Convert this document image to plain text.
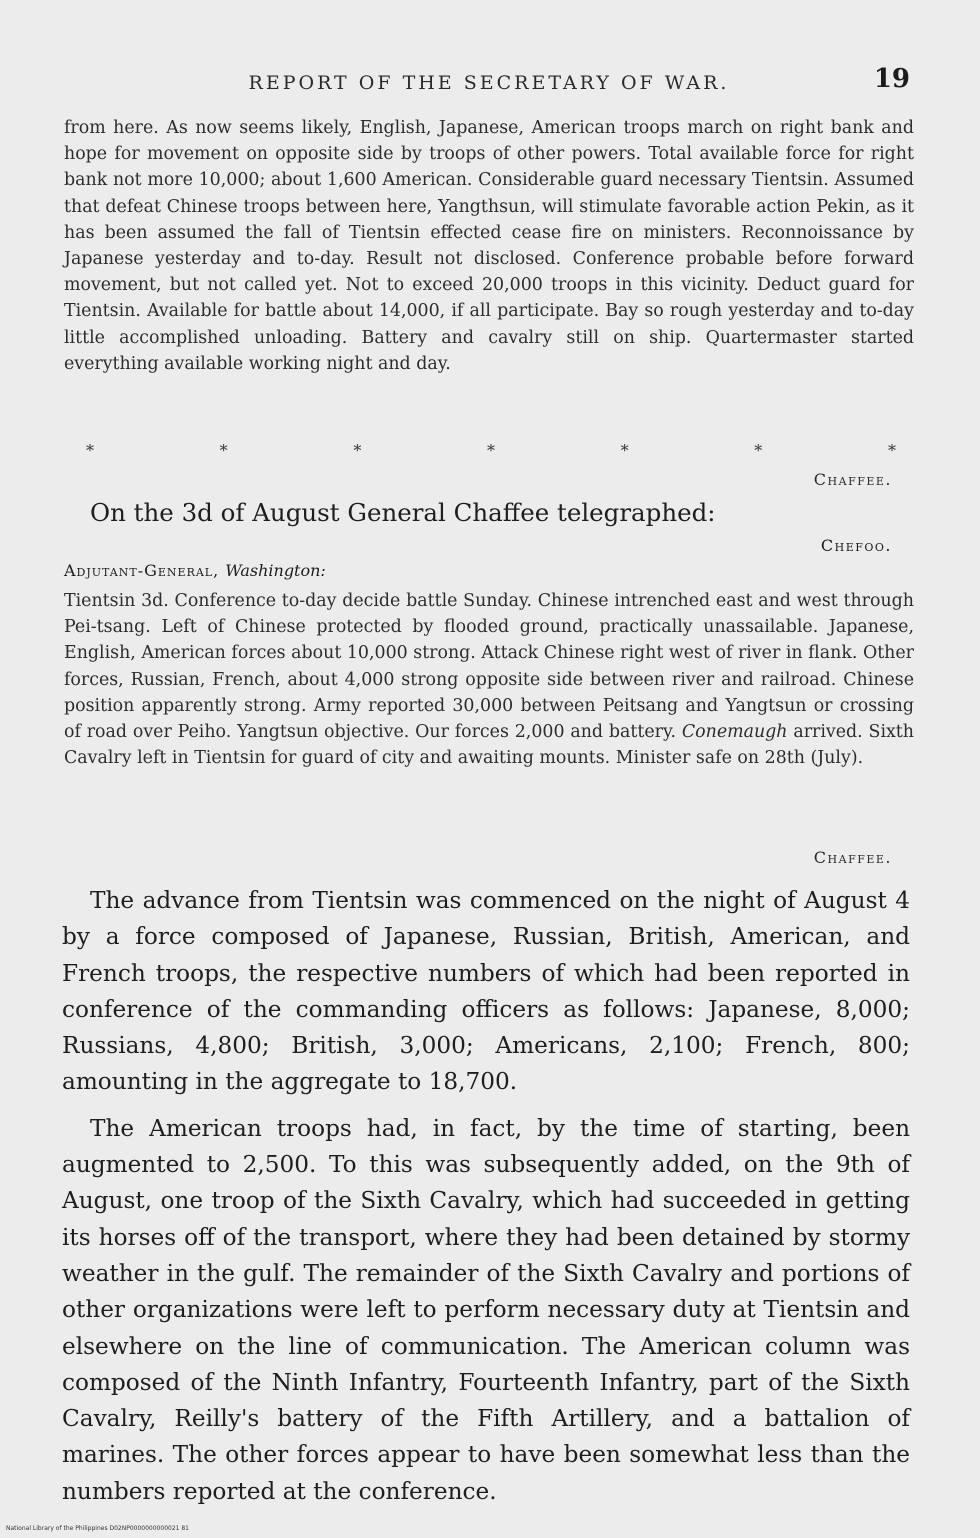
REPORT OF THE SECRETARY OF WAR.	19

from here. As now seems likely, English, Japanese, American troops march on right bank and hope for movement on opposite side by troops of other powers. Total available force for right bank not more 10,000; about 1,600 American. Considerable guard necessary Tientsin. Assumed that defeat Chinese troops between here, Yangthsun, will stimulate favorable action Pekin, as it has been assumed the fall of Tientsin effected cease fire on ministers. Reconnoissance by Japanese yesterday and to-day. Result not disclosed. Conference probable before forward movement, but not called yet. Not to exceed 20,000 troops in this vicinity. Deduct guard for Tientsin. Available for battle about 14,000, if all participate. Bay so rough yesterday and to-day little accomplished unloading. Battery and cavalry still on ship. Quartermaster started everything available working night and day.

*	*	*	*	*	*	*
Chaffee.
On the 3d of August General Chaffee telegraphed:
Chefoo.
Adjutant-General, Washington:

Tientsin 3d. Conference to-day decide battle Sunday. Chinese intrenched east and west through Pei-tsang. Left of Chinese protected by flooded ground, practically unassailable. Japanese, English, American forces about 10,000 strong. Attack Chinese right west of river in flank. Other forces, Russian, French, about 4,000 strong opposite side between river and railroad. Chinese position apparently strong. Army reported 30,000 between Peitsang and Yangtsun or crossing of road over Peiho. Yangtsun objective. Our forces 2,000 and battery. Conemaugh arrived. Sixth Cavalry left in Tientsin for guard of city and awaiting mounts. Minister safe on 28th (July).

Chaffee.

The advance from Tientsin was commenced on the night of August 4 by a force composed of Japanese, Russian, British, American, and French troops, the respective numbers of which had been reported in conference of the commanding officers as follows: Japanese, 8,000; Russians, 4,800; British, 3,000; Americans, 2,100; French, 800; amounting in the aggregate to 18,700.

The American troops had, in fact, by the time of starting, been augmented to 2,500. To this was subsequently added, on the 9th of August, one troop of the Sixth Cavalry, which had succeeded in getting its horses off of the transport, where they had been detained by stormy weather in the gulf. The remainder of the Sixth Cavalry and portions of other organizations were left to perform necessary duty at Tientsin and elsewhere on the line of communication. The American column was composed of the Ninth Infantry, Fourteenth Infantry, part of the Sixth Cavalry, Reilly's battery of the Fifth Artillery, and a battalion of marines. The other forces appear to have been somewhat less than the numbers reported at the conference.

National Library of the Philippines D02NP0000000000021 81
